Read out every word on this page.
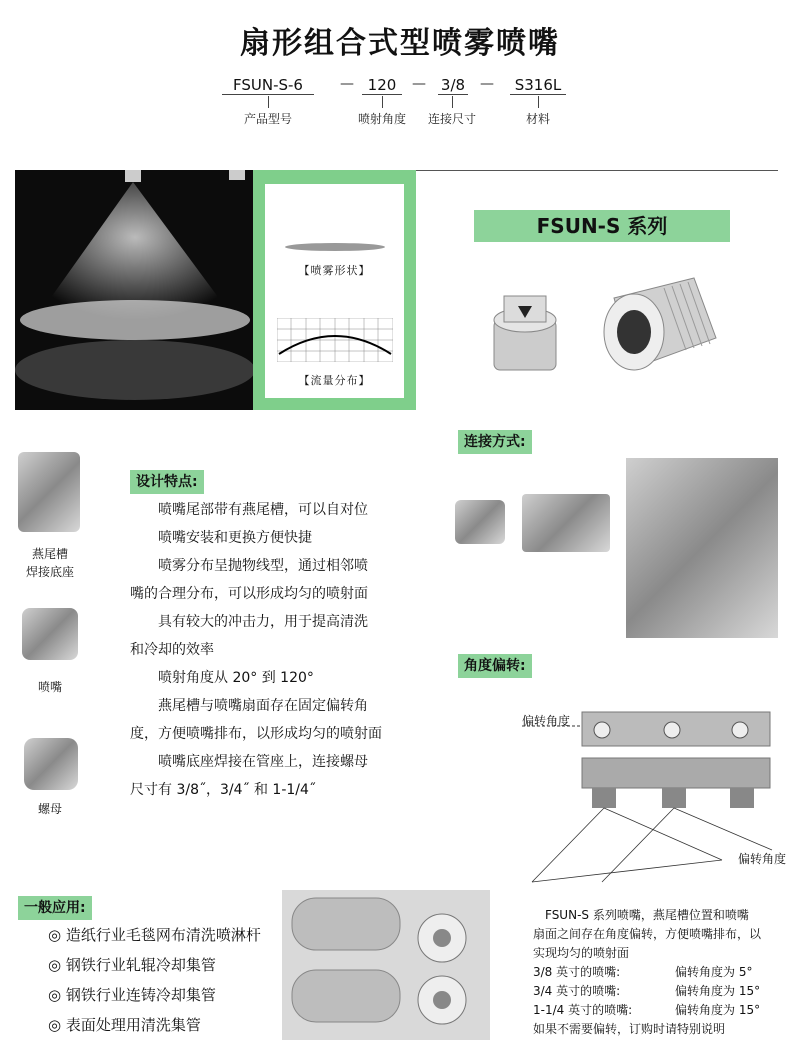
扇形组合式型喷雾喷嘴
FSUN-S-6	— 120	— 3/8 —	S316L
产品型号	喷射角度	连接尺寸	材料
【喷雾形状】
【流量分布】
FSUN-S 系列
连接方式:
角度偏转:
偏转角度
偏转角度
燕尾槽
焊接底座
喷嘴
螺母
设计特点:
喷嘴尾部带有燕尾槽，可以自对位
喷嘴安装和更换方便快捷
喷雾分布呈抛物线型，通过相邻喷
嘴的合理分布，可以形成均匀的喷射面
具有较大的冲击力，用于提高清洗
和冷却的效率
喷射角度从 20° 到 120°
燕尾槽与喷嘴扇面存在固定偏转角
度，方便喷嘴排布，以形成均匀的喷射面
喷嘴底座焊接在管座上，连接螺母
尺寸有 3/8˝，3/4˝ 和 1-1/4˝
一般应用:
◎ 造纸行业毛毯网布清洗喷淋杆
◎ 钢铁行业轧辊冷却集管
◎ 钢铁行业连铸冷却集管
◎ 表面处理用清洗集管
FSUN-S 系列喷嘴，燕尾槽位置和喷嘴
扇面之间存在角度偏转，方便喷嘴排布，以
实现均匀的喷射面
3/8 英寸的喷嘴:	偏转角度为 5°
3/4 英寸的喷嘴:	偏转角度为 15°
1-1/4 英寸的喷嘴:	偏转角度为 15°
如果不需要偏转，订购时请特别说明
